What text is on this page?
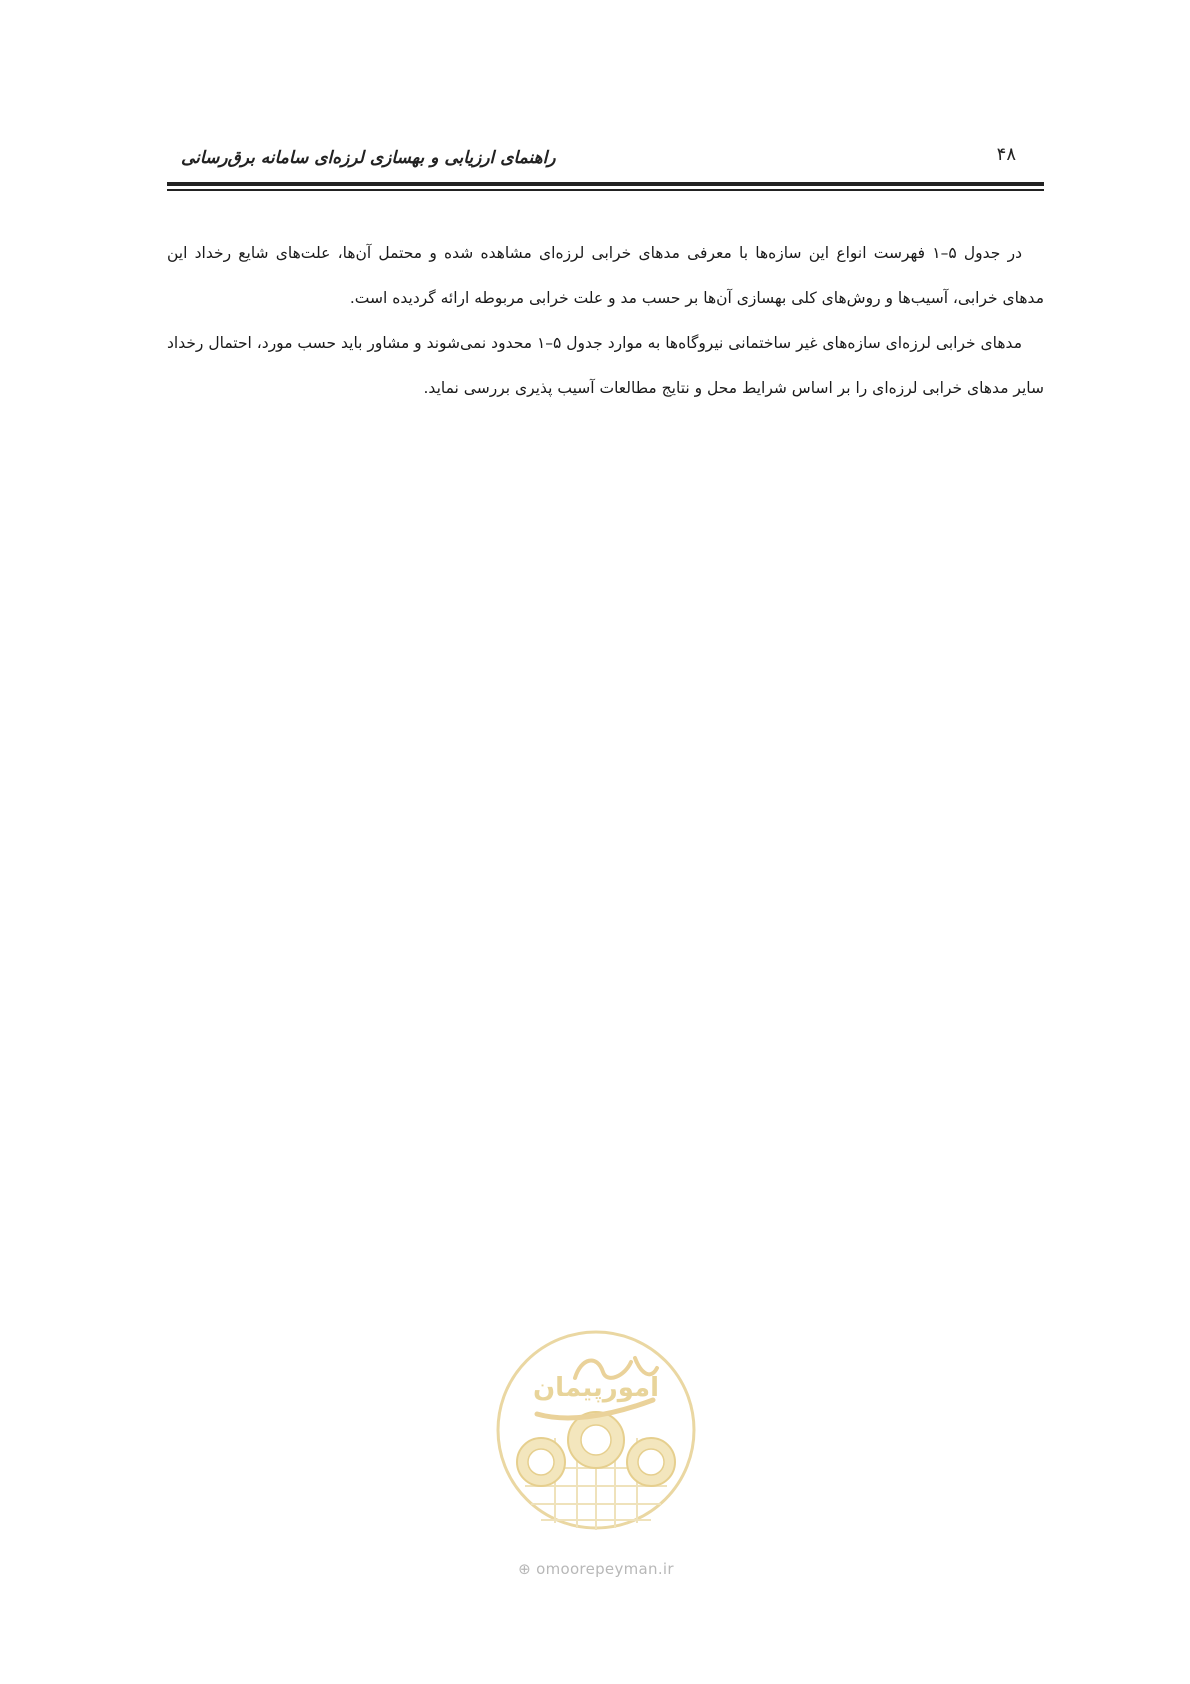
راهنمای ارزیابی و بهسازی لرزه‌ای سامانه برق‌رسانی	۴۸

در جدول ۵–۱ فهرست انواع این سازه‌ها با معرفی مدهای خرابی لرزه‌ای مشاهده شده و محتمل آن‌ها، علت‌های شایع رخداد این مدهای خرابی، آسیب‌ها و روش‌های کلی بهسازی آن‌ها بر حسب مد و علت خرابی مربوطه ارائه گردیده است.

مدهای خرابی لرزه‌ای سازه‌های غیر ساختمانی نیروگاه‌ها به موارد جدول ۵–۱ محدود نمی‌شوند و مشاور باید حسب مورد، احتمال رخداد سایر مدهای خرابی لرزه‌ای را بر اساس شرایط محل و نتایج مطالعات آسیب پذیری بررسی نماید.

امورپیمان
⊕ omoorepeyman.ir
